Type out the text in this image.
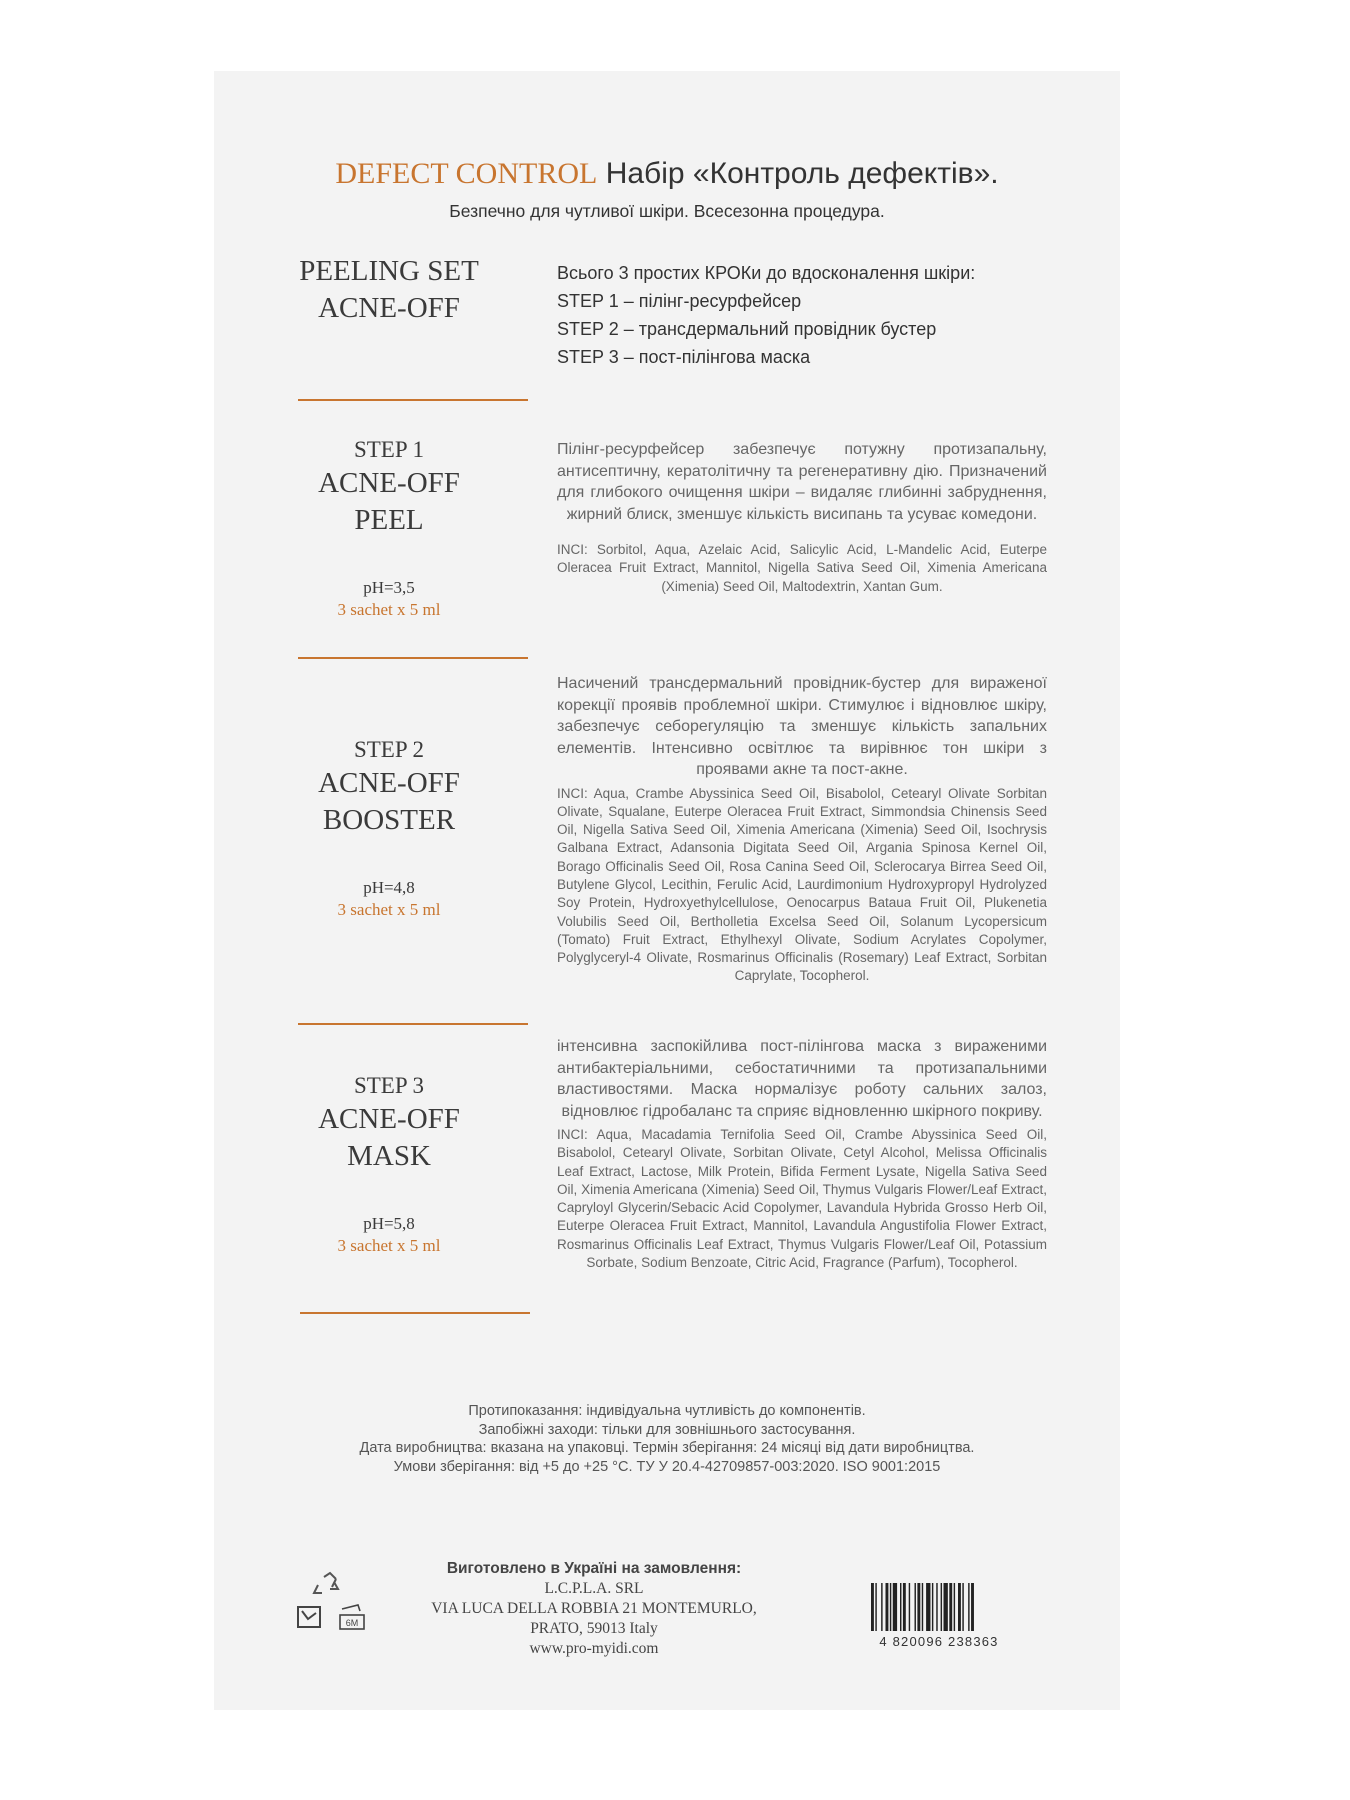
DEFECT CONTROL Набір «Контроль дефектів».
Безпечно для чутливої шкіри. Всесезонна процедура.
PEELING SET
ACNE-OFF
Всього 3 простих КРОКи до вдосконалення шкіри:
STEP 1 – пілінг-ресурфейсер
STEP 2 – трансдермальний провідник бустер
STEP 3 – пост-пілінгова маска
STEP 1
ACNE-OFF
PEEL
pH=3,5
3 sachet x 5 ml
Пілінг-ресурфейсер забезпечує потужну протизапальну, антисептичну, кератолітичну та регенеративну дію. Призначений для глибокого очищення шкіри – видаляє глибинні забруднення, жирний блиск, зменшує кількість висипань та усуває комедони.
INCI: Sorbitol, Aqua, Azelaic Acid, Salicylic Acid, L-Mandelic Acid, Euterpe Oleracea Fruit Extract, Mannitol, Nigella Sativa Seed Oil, Ximenia Americana (Ximenia) Seed Oil, Maltodextrin, Xantan Gum.
STEP 2
ACNE-OFF
BOOSTER
pH=4,8
3 sachet x 5 ml
Насичений трансдермальний провідник-бустер для вираженої корекції проявів проблемної шкіри. Стимулює і відновлює шкіру, забезпечує себорегуляцію та зменшує кількість запальних елементів. Інтенсивно освітлює та вирівнює тон шкіри з проявами акне та пост-акне.
INCI: Aqua, Crambe Abyssinica Seed Oil, Bisabolol, Cetearyl Olivate Sorbitan Olivate, Squalane, Euterpe Oleracea Fruit Extract, Simmondsia Chinensis Seed Oil, Nigella Sativa Seed Oil, Ximenia Americana (Ximenia) Seed Oil, Isochrysis Galbana Extract, Adansonia Digitata Seed Oil, Argania Spinosa Kernel Oil, Borago Officinalis Seed Oil, Rosa Canina Seed Oil, Sclerocarya Birrea Seed Oil, Butylene Glycol, Lecithin, Ferulic Acid, Laurdimonium Hydroxypropyl Hydrolyzed Soy Protein, Hydroxyethylcellulose, Oenocarpus Bataua Fruit Oil, Plukenetia Volubilis Seed Oil, Bertholletia Excelsa Seed Oil, Solanum Lycopersicum (Tomato) Fruit Extract, Ethylhexyl Olivate, Sodium Acrylates Copolymer, Polyglyceryl-4 Olivate, Rosmarinus Officinalis (Rosemary) Leaf Extract, Sorbitan Caprylate, Tocopherol.
STEP 3
ACNE-OFF
MASK
pH=5,8
3 sachet x 5 ml
інтенсивна заспокійлива пост-пілінгова маска з вираженими антибактеріальними, себостатичними та протизапальними властивостями. Маска нормалізує роботу сальних залоз, відновлює гідробаланс та сприяє відновленню шкірного покриву.
INCI: Aqua, Macadamia Ternifolia Seed Oil, Crambe Abyssinica Seed Oil, Bisabolol, Cetearyl Olivate, Sorbitan Olivate, Cetyl Alcohol, Melissa Officinalis Leaf Extract, Lactose, Milk Protein, Bifida Ferment Lysate, Nigella Sativa Seed Oil, Ximenia Americana (Ximenia) Seed Oil, Thymus Vulgaris Flower/Leaf Extract, Capryloyl Glycerin/Sebacic Acid Copolymer, Lavandula Hybrida Grosso Herb Oil, Euterpe Oleracea Fruit Extract, Mannitol, Lavandula Angustifolia Flower Extract, Rosmarinus Officinalis Leaf Extract, Thymus Vulgaris Flower/Leaf Oil, Potassium Sorbate, Sodium Benzoate, Citric Acid, Fragrance (Parfum), Tocopherol.
Протипоказання: індивідуальна чутливість до компонентів.
Запобіжні заходи: тільки для зовнішнього застосування.
Дата виробництва: вказана на упаковці. Термін зберігання: 24 місяці від дати виробництва.
Умови зберігання: від +5 до +25 °С. ТУ У 20.4-42709857-003:2020. ISO 9001:2015
6M
Виготовлено в Україні на замовлення: L.C.P.L.A. SRL
VIA LUCA DELLA ROBBIA 21 MONTEMURLO,
PRATO, 59013 Italy
www.pro-myidi.com	4 820096 238363
